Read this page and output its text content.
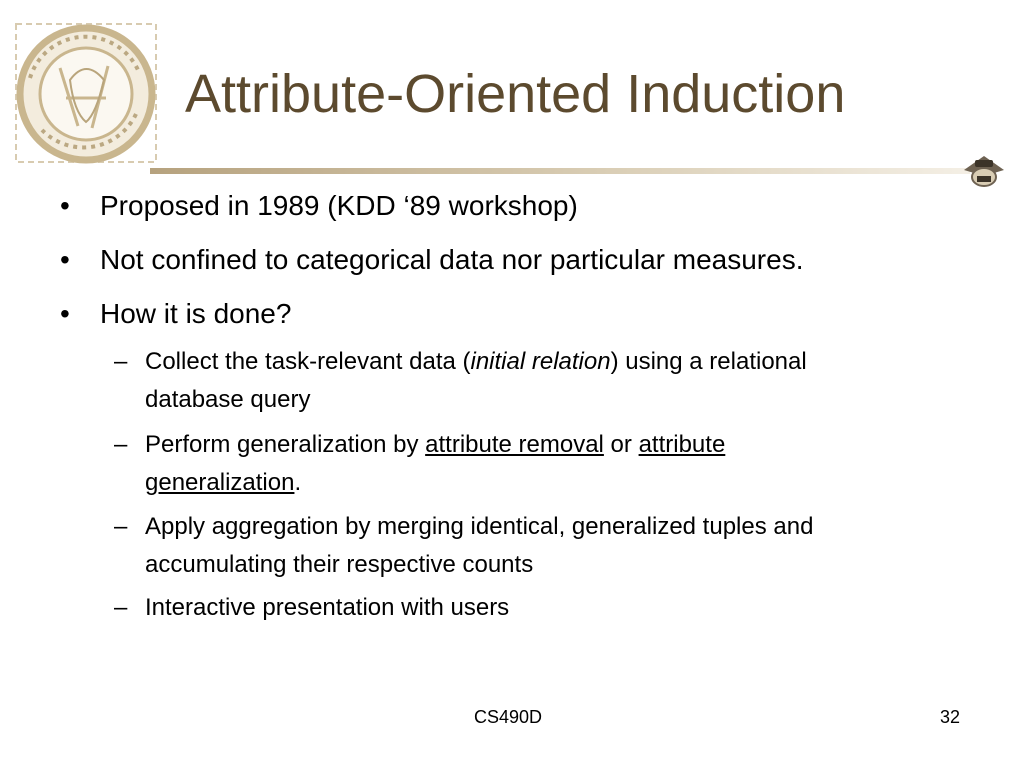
Attribute-Oriented Induction
• Proposed in 1989 (KDD ‘89 workshop)
• Not confined to categorical data nor particular measures.
• How it is done?
– Collect the task-relevant data (initial relation) using a relational
database query
– Perform generalization by attribute removal or attribute
generalization.
– Apply aggregation by merging identical, generalized tuples and
accumulating their respective counts
– Interactive presentation with users
CS490D	32
